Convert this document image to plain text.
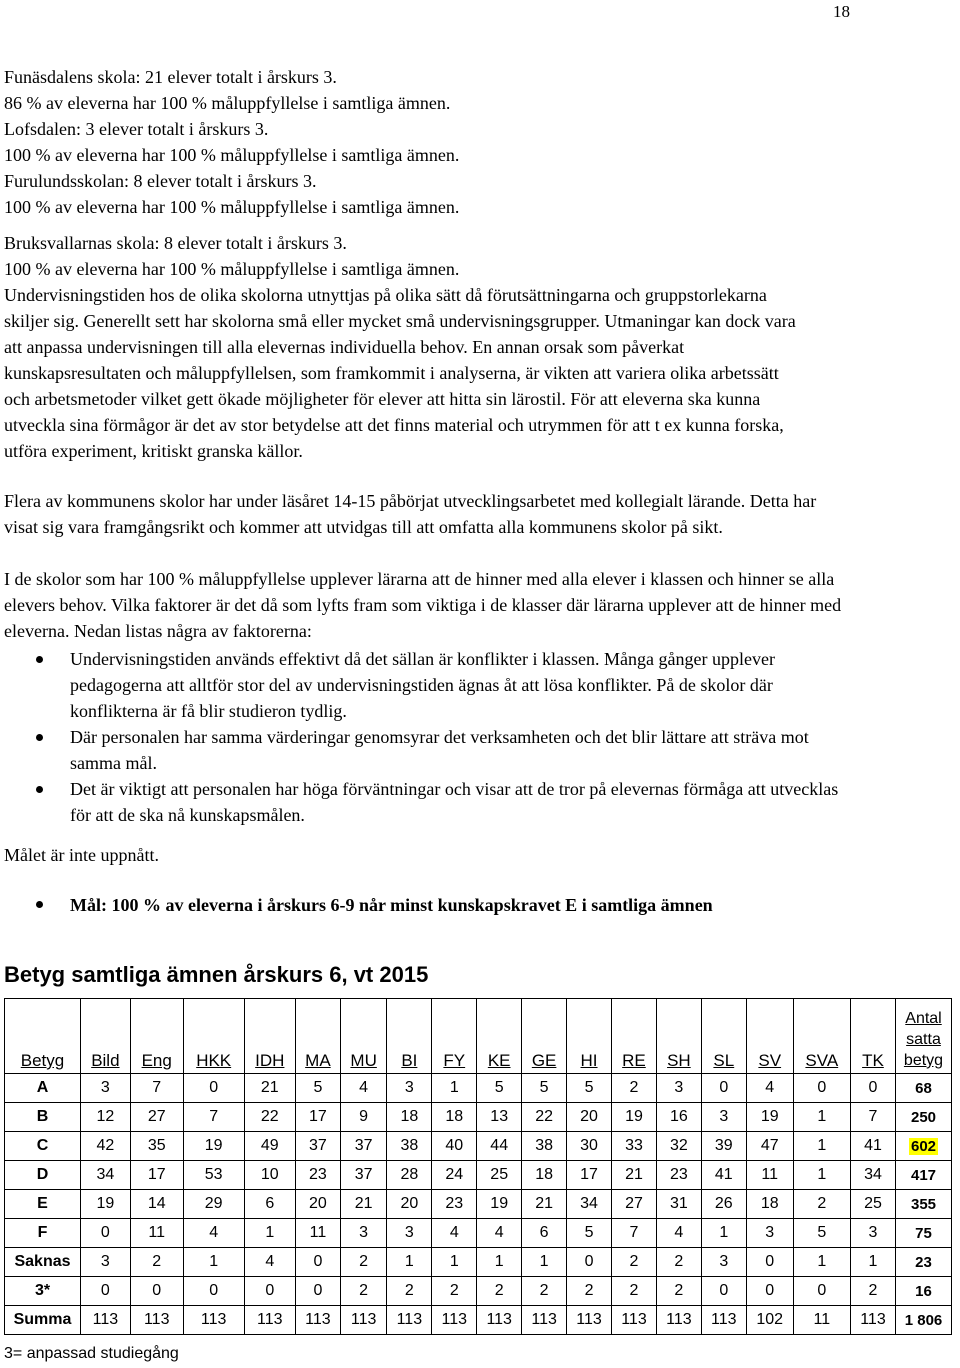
18
Funäsdalens skola: 21 elever totalt i årskurs 3.
86 % av eleverna har 100 % måluppfyllelse i samtliga ämnen.
Lofsdalen: 3 elever totalt i årskurs 3.
100 % av eleverna har 100 % måluppfyllelse i samtliga ämnen.
Furulundsskolan: 8 elever totalt i årskurs 3.
100 % av eleverna har 100 % måluppfyllelse i samtliga ämnen.
Bruksvallarnas skola: 8 elever totalt i årskurs 3.
100 % av eleverna har 100 % måluppfyllelse i samtliga ämnen.

Undervisningstiden hos de olika skolorna utnyttjas på olika sätt då förutsättningarna och gruppstorlekarna skiljer sig. Generellt sett har skolorna små eller mycket små undervisningsgrupper. Utmaningar kan dock vara att anpassa undervisningen till alla elevernas individuella behov. En annan orsak som påverkat kunskapsresultaten och måluppfyllelsen, som framkommit i analyserna, är vikten att variera olika arbetssätt och arbetsmetoder vilket gett ökade möjligheter för elever att hitta sin lärostil. För att eleverna ska kunna utveckla sina förmågor är det av stor betydelse att det finns material och utrymmen för att t ex kunna forska, utföra experiment, kritiskt granska källor.

Flera av kommunens skolor har under läsåret 14-15 påbörjat utvecklingsarbetet med kollegialt lärande. Detta har visat sig vara framgångsrikt och kommer att utvidgas till att omfatta alla kommunens skolor på sikt.

I de skolor som har 100 % måluppfyllelse upplever lärarna att de hinner med alla elever i klassen och hinner se alla elevers behov. Vilka faktorer är det då som lyfts fram som viktiga i de klasser där lärarna upplever att de hinner med eleverna. Nedan listas några av faktorerna:

Undervisningstiden används effektivt då det sällan är konflikter i klassen. Många gånger upplever pedagogerna att alltför stor del av undervisningstiden ägnas åt att lösa konflikter. På de skolor där konflikterna är få blir studieron tydlig.
Där personalen har samma värderingar genomsyrar det verksamheten och det blir lättare att sträva mot samma mål.
Det är viktigt att personalen har höga förväntningar och visar att de tror på elevernas förmåga att utvecklas för att de ska nå kunskapsmålen.
Målet är inte uppnått.
Mål: 100 % av eleverna i årskurs 6-9 når minst kunskapskravet E i samtliga ämnen
Betyg samtliga ämnen årskurs 6, vt 2015
Betyg	Bild	Eng	HKK	IDH	MA	MU	BI	FY	KE	GE	HI	RE	SH	SL	SV	SVA	TK	Antal satta betyg
A	3	7	0	21	5	4	3	1	5	5	5	2	3	0	4	0	0	68
B	12	27	7	22	17	9	18	18	13	22	20	19	16	3	19	1	7	250
C	42	35	19	49	37	37	38	40	44	38	30	33	32	39	47	1	41	602
D	34	17	53	10	23	37	28	24	25	18	17	21	23	41	11	1	34	417
E	19	14	29	6	20	21	20	23	19	21	34	27	31	26	18	2	25	355
F	0	11	4	1	11	3	3	4	4	6	5	7	4	1	3	5	3	75
Saknas	3	2	1	4	0	2	1	1	1	1	0	2	2	3	0	1	1	23
3*	0	0	0	0	0	2	2	2	2	2	2	2	2	0	0	0	2	16
Summa	113	113	113	113	113	113	113	113	113	113	113	113	113	113	102	11	113	1 806
3= anpassad studiegång
